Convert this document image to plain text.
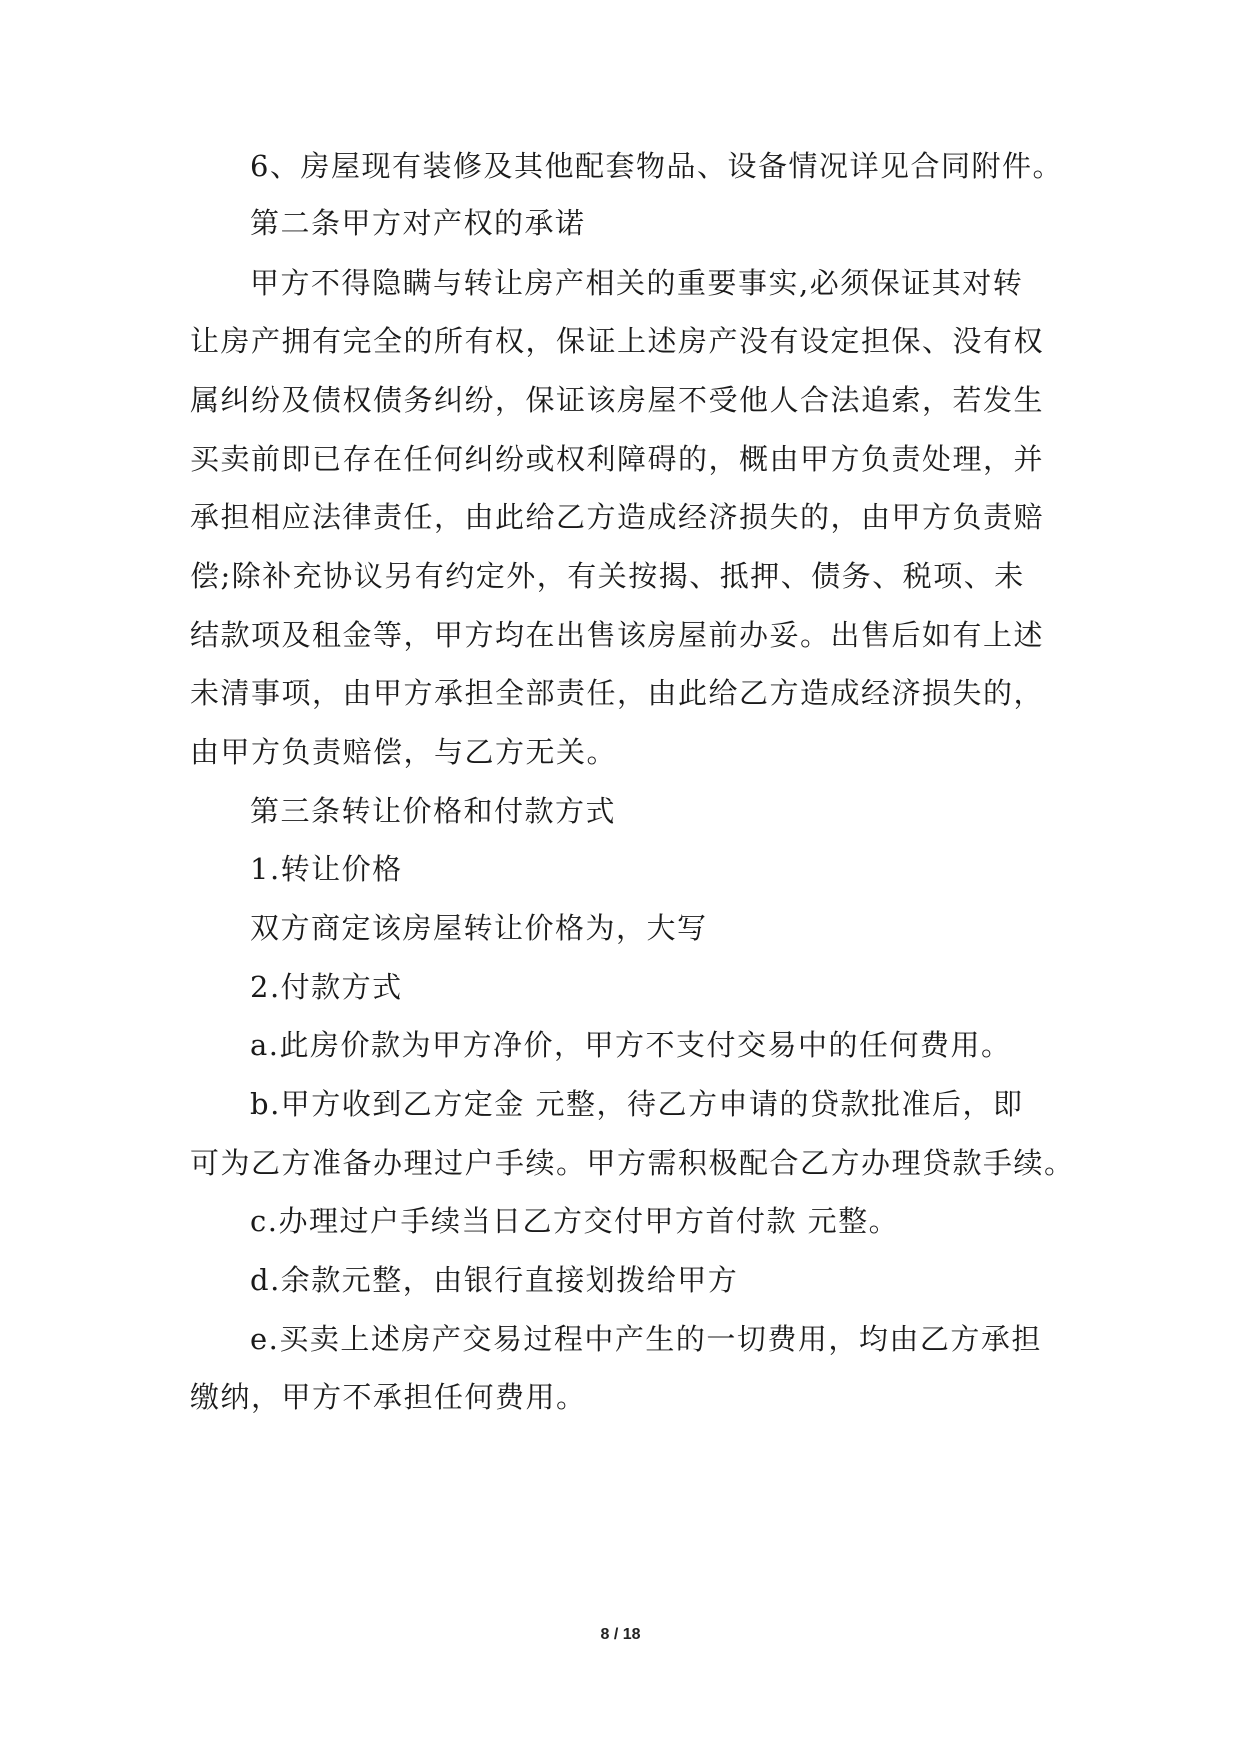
6、房屋现有装修及其他配套物品、设备情况详见合同附件。
第二条甲方对产权的承诺
甲方不得隐瞒与转让房产相关的重要事实,必须保证其对转
让房产拥有完全的所有权，保证上述房产没有设定担保、没有权
属纠纷及债权债务纠纷，保证该房屋不受他人合法追索，若发生
买卖前即已存在任何纠纷或权利障碍的，概由甲方负责处理，并
承担相应法律责任，由此给乙方造成经济损失的，由甲方负责赔
偿;除补充协议另有约定外，有关按揭、抵押、债务、税项、未
结款项及租金等，甲方均在出售该房屋前办妥。出售后如有上述
未清事项，由甲方承担全部责任，由此给乙方造成经济损失的，
由甲方负责赔偿，与乙方无关。
第三条转让价格和付款方式
1.转让价格
双方商定该房屋转让价格为，大写
2.付款方式
a.此房价款为甲方净价，甲方不支付交易中的任何费用。
b.甲方收到乙方定金 元整，待乙方申请的贷款批准后，即
可为乙方准备办理过户手续。甲方需积极配合乙方办理贷款手续。
c.办理过户手续当日乙方交付甲方首付款 元整。
d.余款元整，由银行直接划拨给甲方
e.买卖上述房产交易过程中产生的一切费用，均由乙方承担
缴纳，甲方不承担任何费用。
8 / 18
